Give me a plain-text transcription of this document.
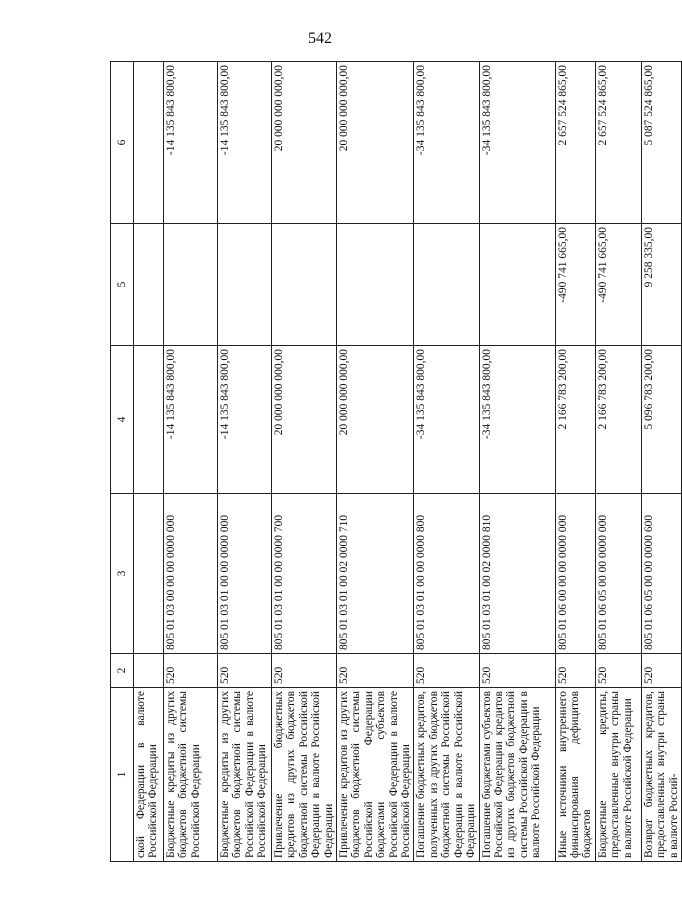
542
1	2	3	4	5	6
ской Федерации в валюте Российской Федерации					
Бюджетные кредиты из других бюджетов бюджетной системы Российской Федерации	520	805 01 03 00 00 00 0000 000	-14 135 843 800,00		-14 135 843 800,00
Бюджетные кредиты из других бюджетов бюджетной системы Российской Федерации в валюте Российской Федерации	520	805 01 03 01 00 00 0000 000	-14 135 843 800,00		-14 135 843 800,00
Привлечение бюджетных кредитов из других бюджетов бюджетной системы Российской Федерации в валюте Российской Федерации	520	805 01 03 01 00 00 0000 700	20 000 000 000,00		20 000 000 000,00
Привлечение кредитов из других бюджетов бюджетной системы Российской Федерации бюджетами субъектов Российской Федерации в валюте Российской Федерации	520	805 01 03 01 00 02 0000 710	20 000 000 000,00		20 000 000 000,00
Погашение бюджетных кредитов, полученных из других бюджетов бюджетной системы Российской Федерации в валюте Российской Федерации	520	805 01 03 01 00 00 0000 800	-34 135 843 800,00		-34 135 843 800,00
Погашение бюджетами субъектов Российской Федерации кредитов из других бюджетов бюджетной системы Российской Федерации в валюте Российской Федерации	520	805 01 03 01 00 02 0000 810	-34 135 843 800,00		-34 135 843 800,00
Иные источники внутреннего финансирования дефицитов бюджетов	520	805 01 06 00 00 00 0000 000	2 166 783 200,00	-490 741 665,00	2 657 524 865,00
Бюджетные кредиты, предоставленные внутри страны в валюте Российской Федерации	520	805 01 06 05 00 00 0000 000	2 166 783 200,00	-490 741 665,00	2 657 524 865,00
Возврат бюджетных кредитов, предоставленных внутри страны в валюте Россий-	520	805 01 06 05 00 00 0000 600	5 096 783 200,00	9 258 335,00	5 087 524 865,00
